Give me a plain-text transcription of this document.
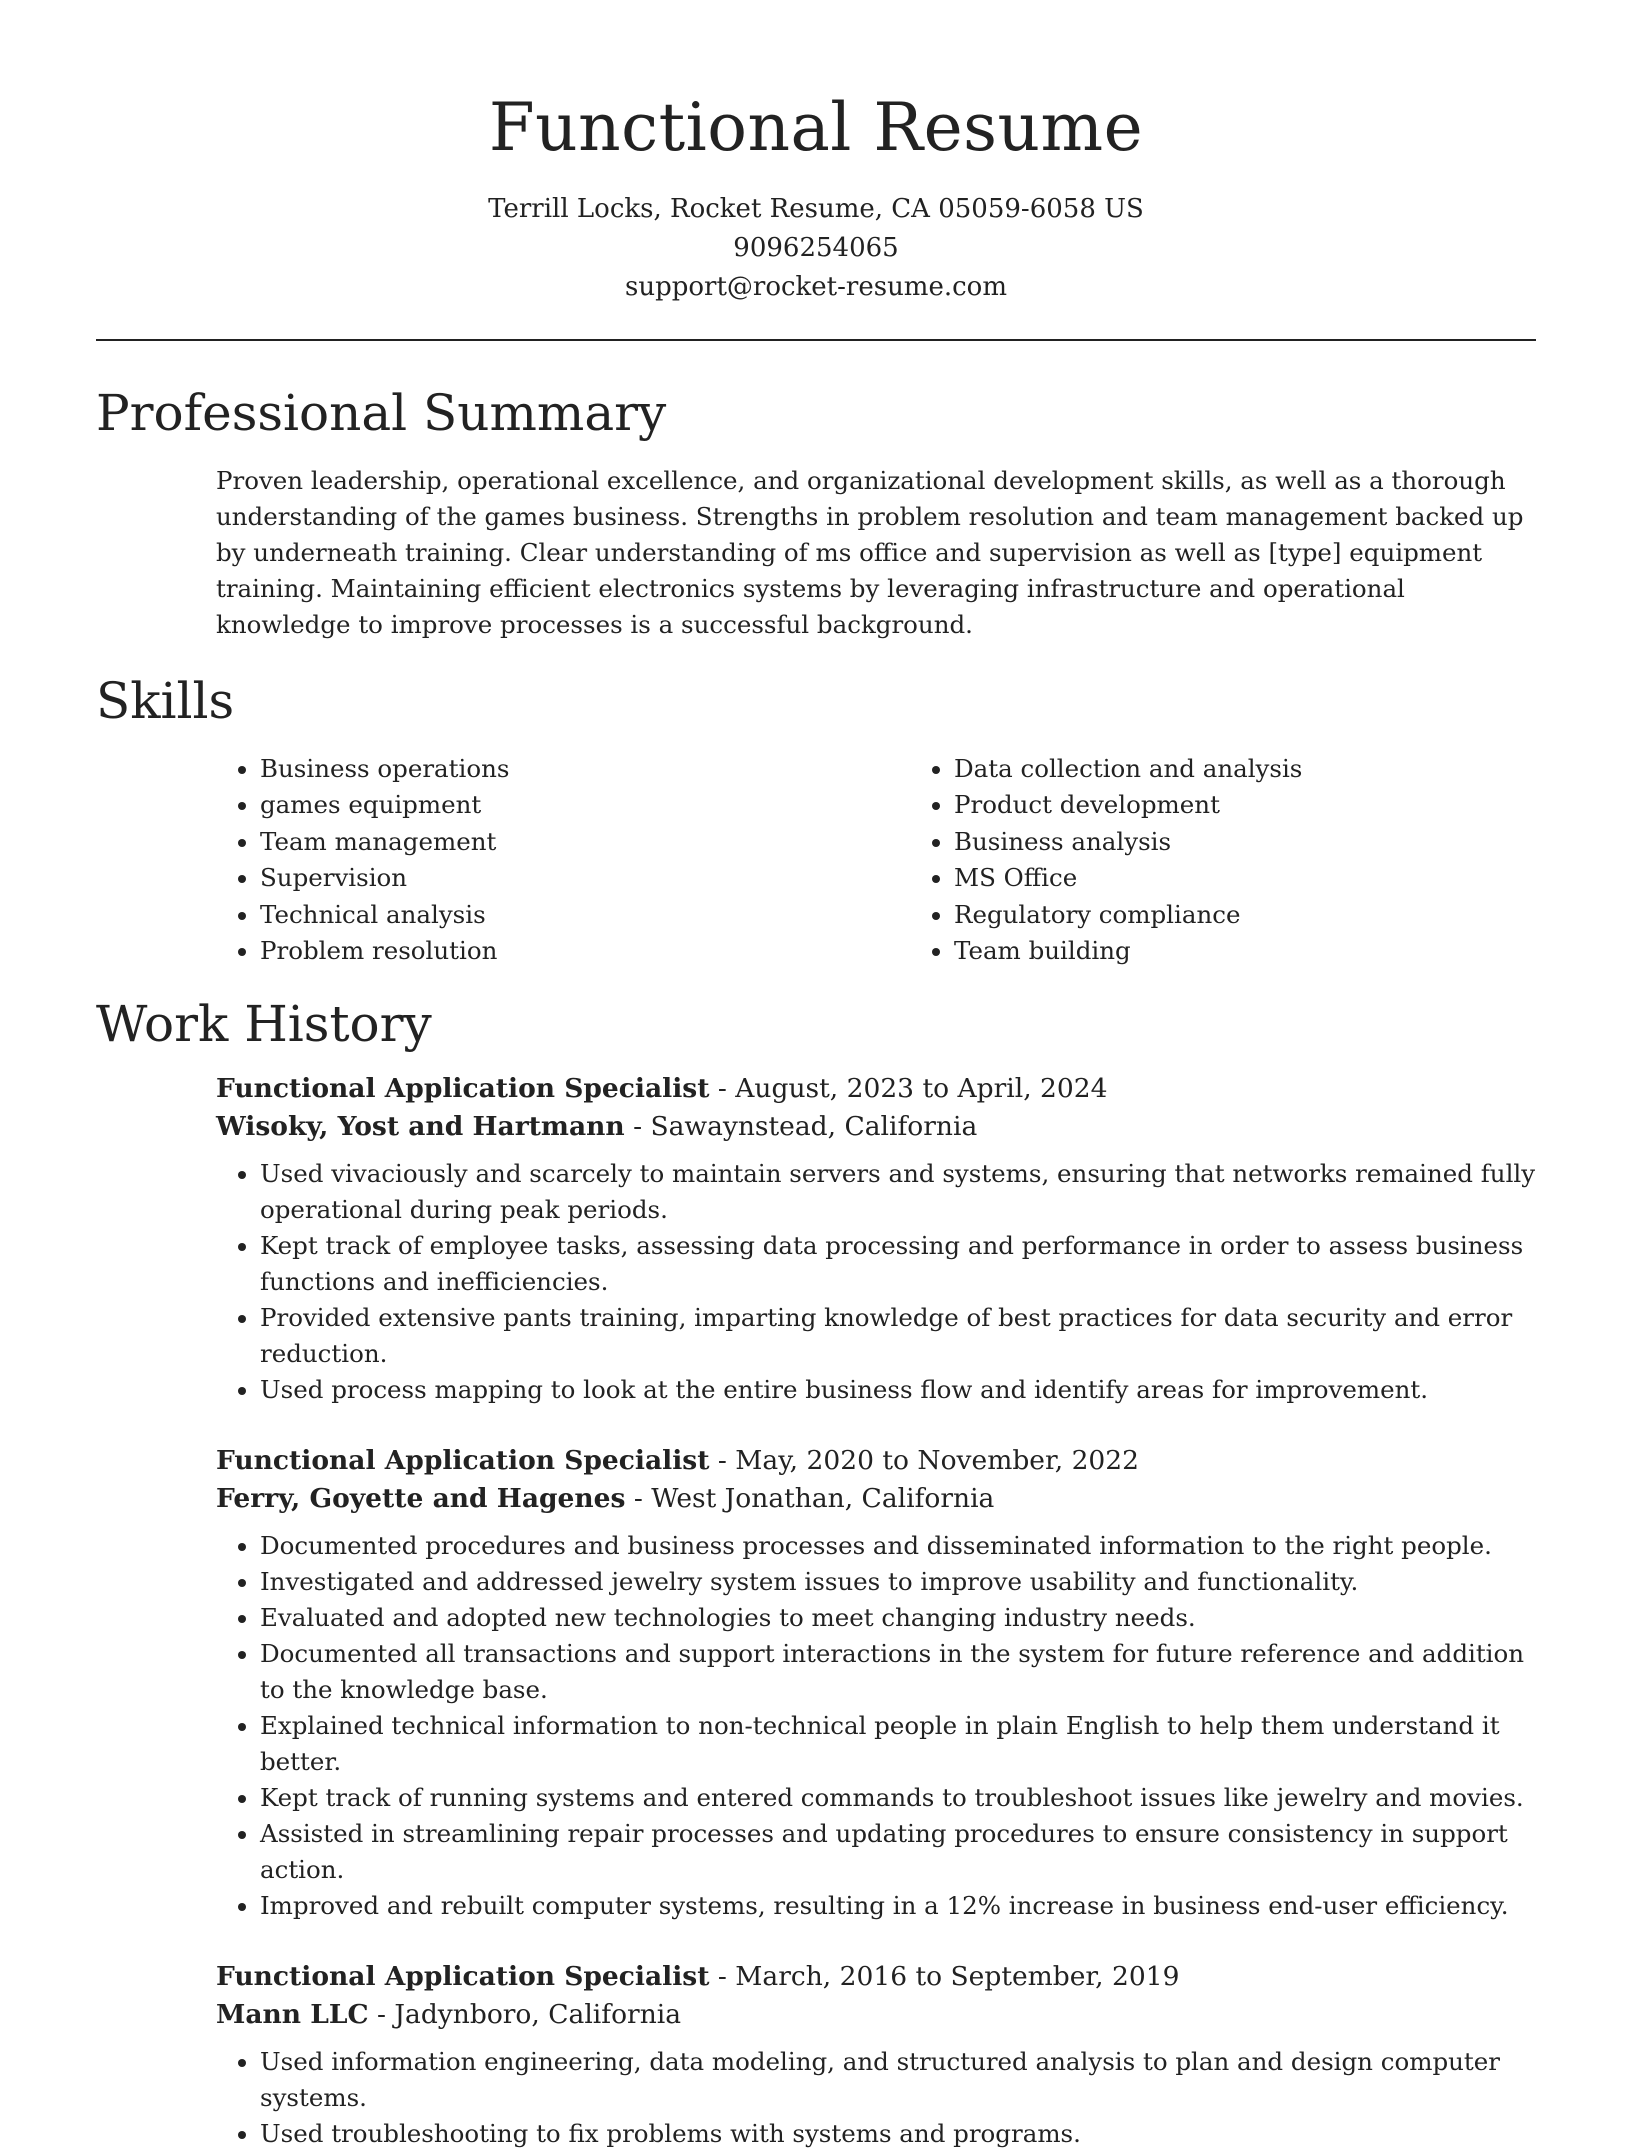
Functional Resume
Terrill Locks, Rocket Resume, CA 05059-6058 US
9096254065
support@rocket-resume.com
Professional Summary

Proven leadership, operational excellence, and organizational development skills, as well as a thorough understanding of the games business. Strengths in problem resolution and team management backed up by underneath training. Clear understanding of ms office and supervision as well as [type] equipment training. Maintaining efficient electronics systems by leveraging infrastructure and operational knowledge to improve processes is a successful background.

Skills
• Business operations
• games equipment
• Team management
• Supervision
• Technical analysis
• Problem resolution
• Data collection and analysis
• Product development
• Business analysis
• MS Office
• Regulatory compliance
• Team building
Work History
Functional Application Specialist - August, 2023 to April, 2024
Wisoky, Yost and Hartmann - Sawaynstead, California
• Used vivaciously and scarcely to maintain servers and systems, ensuring that networks remained fully operational during peak periods.
• Kept track of employee tasks, assessing data processing and performance in order to assess business functions and inefficiencies.
• Provided extensive pants training, imparting knowledge of best practices for data security and error reduction.
• Used process mapping to look at the entire business flow and identify areas for improvement.
Functional Application Specialist - May, 2020 to November, 2022
Ferry, Goyette and Hagenes - West Jonathan, California
• Documented procedures and business processes and disseminated information to the right people.
• Investigated and addressed jewelry system issues to improve usability and functionality.
• Evaluated and adopted new technologies to meet changing industry needs.
• Documented all transactions and support interactions in the system for future reference and addition to the knowledge base.
• Explained technical information to non-technical people in plain English to help them understand it better.
• Kept track of running systems and entered commands to troubleshoot issues like jewelry and movies.
• Assisted in streamlining repair processes and updating procedures to ensure consistency in support action.
• Improved and rebuilt computer systems, resulting in a 12% increase in business end-user efficiency.
Functional Application Specialist - March, 2016 to September, 2019
Mann LLC - Jadynboro, California
• Used information engineering, data modeling, and structured analysis to plan and design computer systems.
• Used troubleshooting to fix problems with systems and programs.
